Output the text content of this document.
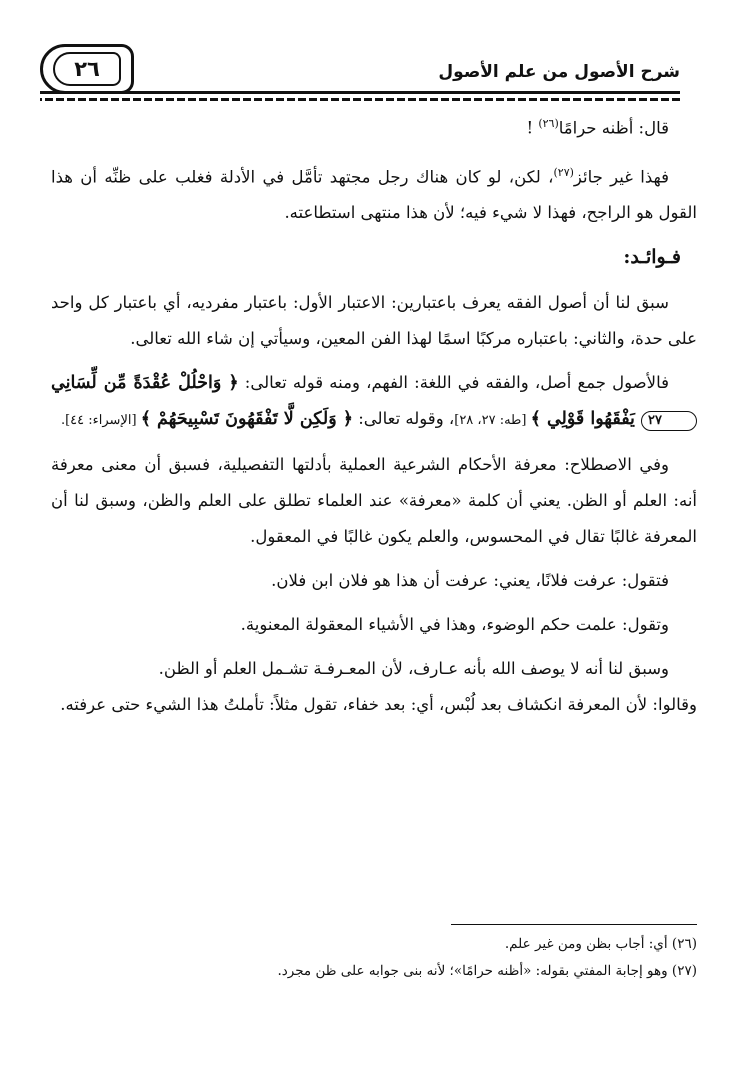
٢٦	شرح الأصول من علم الأصول

قال: أظنه حرامًا$^{(٢٦)}$ !

فهذا غير جائز$^{(٢٧)}$، لكن، لو كان هناك رجل مجتهد تأمَّل في الأدلة فغلب على ظنِّه أن هذا القول هو الراجح، فهذا لا شيء فيه؛ لأن هذا منتهى استطاعته.

فـوائـد:

سبق لنا أن أصول الفقه يعرف باعتبارين: الاعتبار الأول: باعتبار مفرديه، أي باعتبار كل واحد على حدة، والثاني: باعتباره مركبًا اسمًا لهذا الفن المعين، وسيأتي إن شاء الله تعالى.

فالأصول جمع أصل، والفقه في اللغة: الفهم، ومنه قوله تعالى: ﴿ وَاحْلُلْ عُقْدَةً مِّن لِّسَانِي ٢٧ يَفْقَهُوا قَوْلِي ﴾ [طه: ٢٧، ٢٨]، وقوله تعالى: ﴿ وَلَكِن لَّا تَفْقَهُونَ تَسْبِيحَهُمْ ﴾ [الإسراء: ٤٤].

وفي الاصطلاح: معرفة الأحكام الشرعية العملية بأدلتها التفصيلية، فسبق أن معنى معرفة أنه: العلم أو الظن. يعني أن كلمة «معرفة» عند العلماء تطلق على العلم والظن، وسبق لنا أن المعرفة غالبًا تقال في المحسوس، والعلم يكون غالبًا في المعقول.

فتقول: عرفت فلانًا، يعني: عرفت أن هذا هو فلان ابن فلان.

وتقول: علمت حكم الوضوء، وهذا في الأشياء المعقولة المعنوية.

وسبق لنا أنه لا يوصف الله بأنه عـارف، لأن المعـرفـة تشـمل العلم أو الظن.

وقالوا: لأن المعرفة انكشاف بعد لُبْس، أي: بعد خفاء، تقول مثلاً: تأملتُ هذا الشيء حتى عرفته.

(٢٦) أي: أجاب بظن ومن غير علم.
(٢٧) وهو إجابة المفتي بقوله: «أظنه حرامًا»؛ لأنه بنى جوابه على ظن مجرد.
